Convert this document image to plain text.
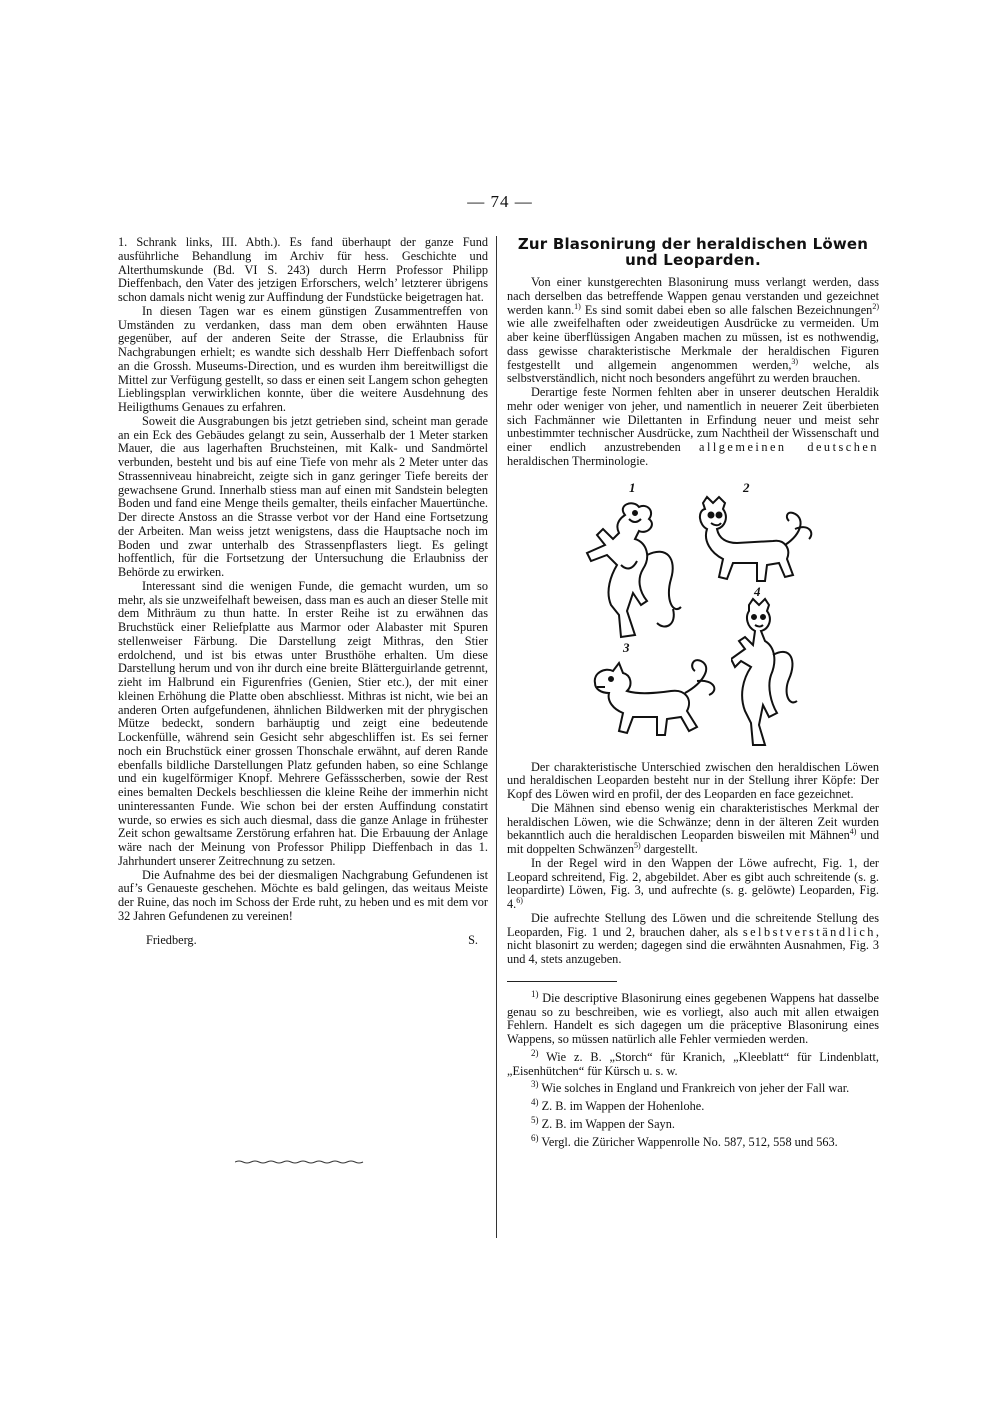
— 74 —

1. Schrank links, III. Abth.). Es fand überhaupt der ganze Fund ausführliche Behandlung im Archiv für hess. Geschichte und Alterthumskunde (Bd. VI S. 243) durch Herrn Professor Philipp Dieffenbach, den Vater des jetzigen Erforschers, welch’ letzterer übrigens schon damals nicht wenig zur Auffindung der Fundstücke beigetragen hat.

In diesen Tagen war es einem günstigen Zusammentreffen von Umständen zu verdanken, dass man dem oben erwähnten Hause gegenüber, auf der anderen Seite der Strasse, die Erlaubniss für Nachgrabungen erhielt; es wandte sich desshalb Herr Dieffenbach sofort an die Grossh. Museums-Direction, und es wurden ihm bereitwilligst die Mittel zur Verfügung gestellt, so dass er einen seit Langem schon gehegten Lieblingsplan verwirklichen konnte, über die weitere Ausdehnung des Heiligthums Genaues zu erfahren.

Soweit die Ausgrabungen bis jetzt getrieben sind, scheint man gerade an ein Eck des Gebäudes gelangt zu sein, Ausserhalb der 1 Meter starken Mauer, die aus lagerhaften Bruchsteinen, mit Kalk- und Sandmörtel verbunden, besteht und bis auf eine Tiefe von mehr als 2 Meter unter das Strassenniveau hinabreicht, zeigte sich in ganz geringer Tiefe bereits der gewachsene Grund. Innerhalb stiess man auf einen mit Sandstein belegten Boden und fand eine Menge theils gemalter, theils einfacher Mauertünche. Der directe Anstoss an die Strasse verbot vor der Hand eine Fortsetzung der Arbeiten. Man weiss jetzt wenigstens, dass die Hauptsache noch im Boden und zwar unterhalb des Strassenpflasters liegt. Es gelingt hoffentlich, für die Fortsetzung der Untersuchung die Erlaubniss der Behörde zu erwirken.

Interessant sind die wenigen Funde, die gemacht wurden, um so mehr, als sie unzweifelhaft beweisen, dass man es auch an dieser Stelle mit dem Mithräum zu thun hatte. In erster Reihe ist zu erwähnen das Bruchstück einer Reliefplatte aus Marmor oder Alabaster mit Spuren stellenweiser Färbung. Die Darstellung zeigt Mithras, den Stier erdolchend, und ist bis etwas unter Brusthöhe erhalten. Um diese Darstellung herum und von ihr durch eine breite Blätterguirlande getrennt, zieht im Halbrund ein Figurenfries (Genien, Stier etc.), der mit einer kleinen Erhöhung die Platte oben abschliesst. Mithras ist nicht, wie bei an anderen Orten aufgefundenen, ähnlichen Bildwerken mit der phrygischen Mütze bedeckt, sondern barhäuptig und zeigt eine bedeutende Lockenfülle, während sein Gesicht sehr abgeschliffen ist. Es sei ferner noch ein Bruchstück einer grossen Thonschale erwähnt, auf deren Rande ebenfalls bildliche Darstellungen Platz gefunden haben, so eine Schlange und ein kugelförmiger Knopf. Mehrere Gefässscherben, sowie der Rest eines bemalten Deckels beschliessen die kleine Reihe der immerhin nicht uninteressanten Funde. Wie schon bei der ersten Auffindung constatirt wurde, so erwies es sich auch diesmal, dass die ganze Anlage in frühester Zeit schon gewaltsame Zerstörung erfahren hat. Die Erbauung der Anlage wäre nach der Meinung von Professor Philipp Dieffenbach in das 1. Jahrhundert unserer Zeitrechnung zu setzen.

Die Aufnahme des bei der diesmaligen Nachgrabung Gefundenen ist auf’s Genaueste geschehen. Möchte es bald gelingen, das weitaus Meiste der Ruine, das noch im Schoss der Erde ruht, zu heben und es mit dem vor 32 Jahren Gefundenen zu vereinen!

Friedberg.	S.
Zur Blasonirung der heraldischen Löwen und Leoparden.

Von einer kunstgerechten Blasonirung muss verlangt werden, dass nach derselben das betreffende Wappen genau verstanden und gezeichnet werden kann.$^{1)}$ Es sind somit dabei eben so alle falschen Bezeichnungen$^{2)}$ wie alle zweifelhaften oder zweideutigen Ausdrücke zu vermeiden. Um aber keine überflüssigen Angaben machen zu müssen, ist es nothwendig, dass gewisse charakteristische Merkmale der heraldischen Figuren festgestellt und allgemein angenommen werden,$^{3)}$ welche, als selbstverständlich, nicht noch besonders angeführt zu werden brauchen.

Derartige feste Normen fehlten aber in unserer deutschen Heraldik mehr oder weniger von jeher, und namentlich in neuerer Zeit überbieten sich Fachmänner wie Dilettanten in Erfindung neuer und meist sehr unbestimmter technischer Ausdrücke, zum Nachtheil der Wissenschaft und einer endlich anzustrebenden allgemeinen deutschen heraldischen Therminologie.

1	2
3
4

Der charakteristische Unterschied zwischen den heraldischen Löwen und heraldischen Leoparden besteht nur in der Stellung ihrer Köpfe: Der Kopf des Löwen wird en profil, der des Leoparden en face gezeichnet.

Die Mähnen sind ebenso wenig ein charakteristisches Merkmal der heraldischen Löwen, wie die Schwänze; denn in der älteren Zeit wurden bekanntlich auch die heraldischen Leoparden bisweilen mit Mähnen$^{4)}$ und mit doppelten Schwänzen$^{5)}$ dargestellt.

In der Regel wird in den Wappen der Löwe aufrecht, Fig. 1, der Leopard schreitend, Fig. 2, abgebildet. Aber es gibt auch schreitende (s. g. leopardirte) Löwen, Fig. 3, und aufrechte (s. g. gelöwte) Leoparden, Fig. 4.$^{6)}$

Die aufrechte Stellung des Löwen und die schreitende Stellung des Leoparden, Fig. 1 und 2, brauchen daher, als selbstverständlich, nicht blasonirt zu werden; dagegen sind die erwähnten Ausnahmen, Fig. 3 und 4, stets anzugeben.

$^{1)}$ Die descriptive Blasonirung eines gegebenen Wappens hat dasselbe genau so zu beschreiben, wie es vorliegt, also auch mit allen etwaigen Fehlern. Handelt es sich dagegen um die präceptive Blasonirung eines Wappens, so müssen natürlich alle Fehler vermieden werden.

$^{2)}$ Wie z. B. „Storch“ für Kranich, „Kleeblatt“ für Lindenblatt, „Eisenhütchen“ für Kürsch u. s. w.

$^{3)}$ Wie solches in England und Frankreich von jeher der Fall war.

$^{4)}$ Z. B. im Wappen der Hohenlohe.

$^{5)}$ Z. B. im Wappen der Sayn.

$^{6)}$ Vergl. die Züricher Wappenrolle No. 587, 512, 558 und 563.
